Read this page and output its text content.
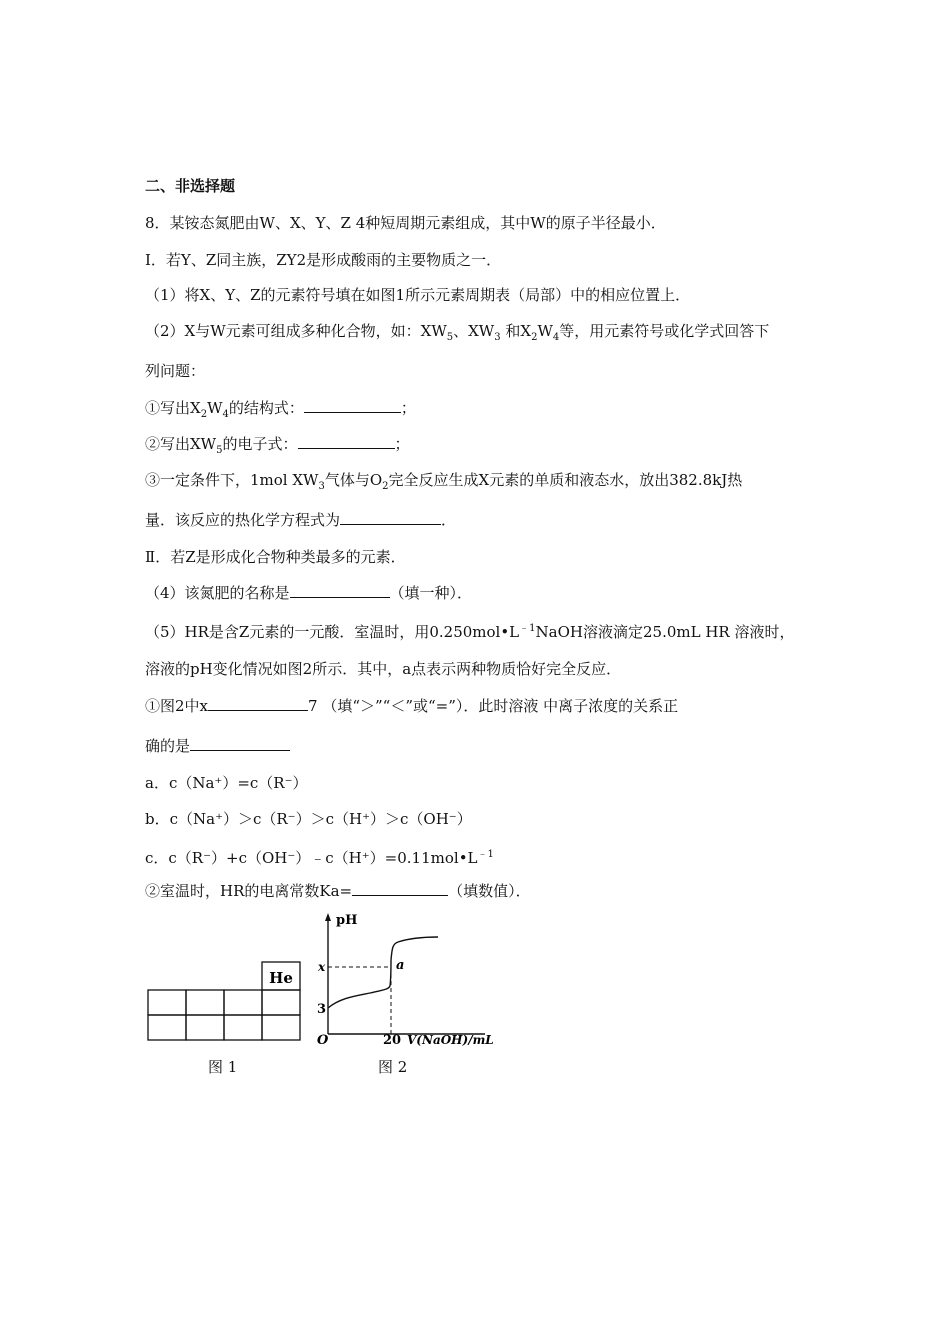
二、非选择题
8．某铵态氮肥由W、X、Y、Z 4种短周期元素组成，其中W的原子半径最小．
Ⅰ．若Y、Z同主族，ZY2是形成酸雨的主要物质之一．
（1）将X、Y、Z的元素符号填在如图1所示元素周期表（局部）中的相应位置上．
（2）X与W元素可组成多种化合物，如：$XW_5$、$XW_3$ 和$X_2W_4$等，用元素符号或化学式回答下
列问题：
①写出$X_2W_4$的结构式：	；
②写出$XW_5$的电子式：	；
③一定条件下，1mol $XW_3$气体与$O_2$完全反应生成X元素的单质和液态水，放出382.8kJ热
量．该反应的热化学方程式为	．
Ⅱ．若Z是形成化合物种类最多的元素．
（4）该氮肥的名称是	（填一种）．
（5）HR是含Z元素的一元酸．室温时，用$0.250mol•L^{﹣1}NaOH$溶液滴定25.0mL HR 溶液时，
溶液的pH变化情况如图2所示．其中，a点表示两种物质恰好完全反应．
①图2中x	7 （填“＞”“＜”或“=”）．此时溶液 中离子浓度的关系正
确的是
a．c（Na⁺）=c（R⁻）
b．c（Na⁺）＞c（R⁻）＞c（H⁺）＞c（OH⁻）
c．$c(R^-)+c(OH^-)﹣c(H^+)=0.11mol•L^{﹣1}$
②室温时，HR的电离常数Ka=	（填数值）．
He
图 1
pH
x	a
3
O	20 V(NaOH)/mL
图 2
